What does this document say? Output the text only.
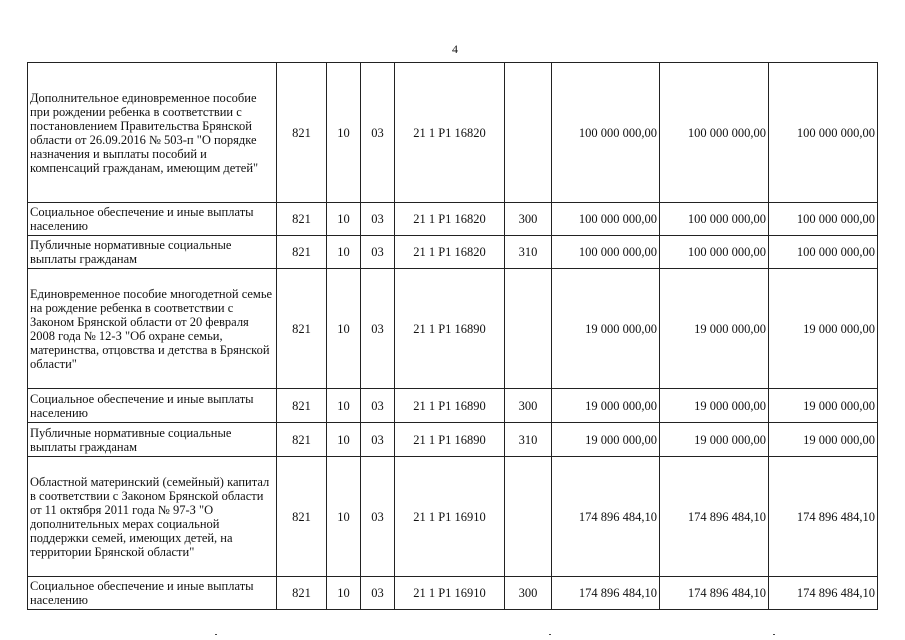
4
Дополнительное единовременное пособие при рождении ребенка в соответствии с постановлением Правительства Брянской области от 26.09.2016 № 503-п "О порядке назначения и выплаты пособий и компенсаций гражданам, имеющим детей"	821	10	03	21 1 Р1 16820		100 000 000,00	100 000 000,00	100 000 000,00
Социальное обеспечение и иные выплаты населению	821	10	03	21 1 Р1 16820	300	100 000 000,00	100 000 000,00	100 000 000,00
Публичные нормативные социальные выплаты гражданам	821	10	03	21 1 Р1 16820	310	100 000 000,00	100 000 000,00	100 000 000,00
Единовременное пособие многодетной семье на рождение ребенка в соответствии с Законом Брянской области от 20 февраля 2008 года № 12-З "Об охране семьи, материнства, отцовства и детства в Брянской области"	821	10	03	21 1 Р1 16890		19 000 000,00	19 000 000,00	19 000 000,00
Социальное обеспечение и иные выплаты населению	821	10	03	21 1 Р1 16890	300	19 000 000,00	19 000 000,00	19 000 000,00
Публичные нормативные социальные выплаты гражданам	821	10	03	21 1 Р1 16890	310	19 000 000,00	19 000 000,00	19 000 000,00
Областной материнский (семейный) капитал в соответствии с Законом Брянской области от 11 октября 2011 года № 97-З "О дополнительных мерах социальной поддержки семей, имеющих детей, на территории Брянской области"	821	10	03	21 1 Р1 16910		174 896 484,10	174 896 484,10	174 896 484,10
Социальное обеспечение и иные выплаты населению	821	10	03	21 1 Р1 16910	300	174 896 484,10	174 896 484,10	174 896 484,10
